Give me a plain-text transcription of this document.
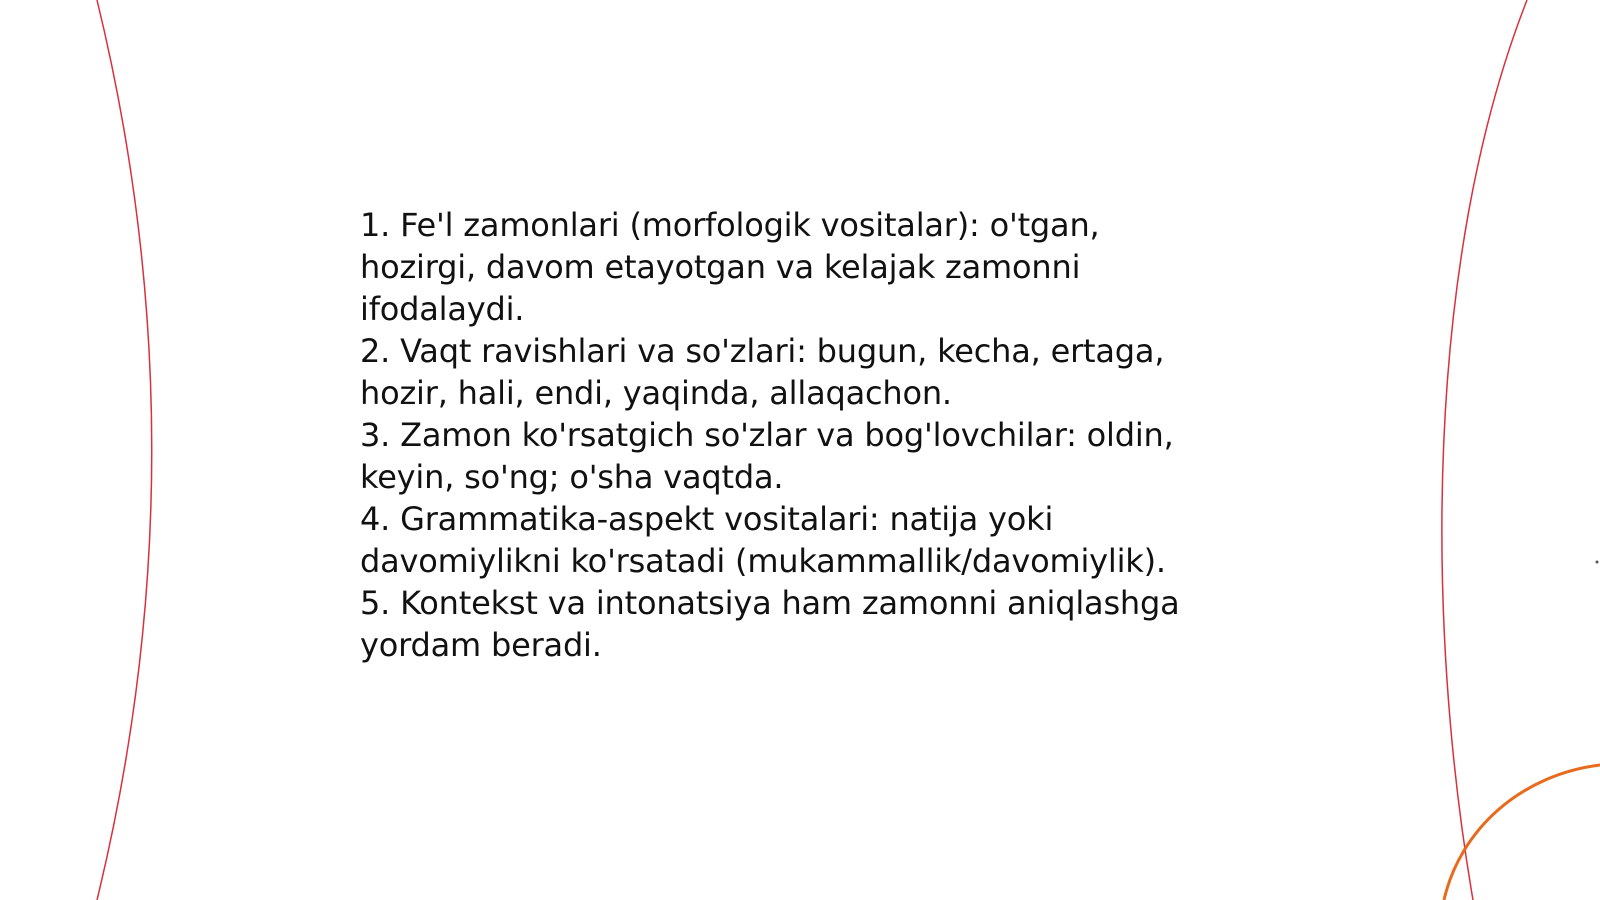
1. Fe'l zamonlari (morfologik vositalar): o'tgan, hozirgi, davom etayotgan va kelajak zamonni ifodalaydi.

2. Vaqt ravishlari va so'zlari: bugun, kecha, ertaga, hozir, hali, endi, yaqinda, allaqachon.

3. Zamon ko'rsatgich so'zlar va bog'lovchilar: oldin, keyin, so'ng; o'sha vaqtda.

4. Grammatika-aspekt vositalari: natija yoki davomiylikni ko'rsatadi (mukammallik/davomiylik).

5. Kontekst va intonatsiya ham zamonni aniqlashga yordam beradi.
